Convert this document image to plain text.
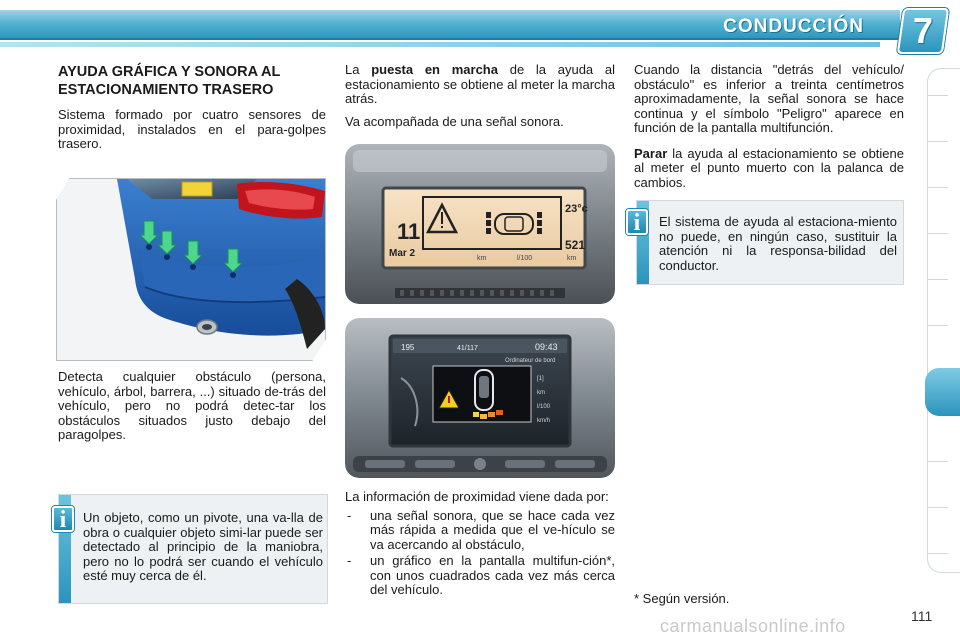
CONDUCCIÓN	7
AYUDA GRÁFICA Y SONORA AL ESTACIONAMIENTO TRASERO

Sistema formado por cuatro sensores de proximidad, instalados en el para-golpes trasero.

Detecta cualquier obstáculo (persona, vehículo, árbol, barrera, ...) situado de-trás del vehículo, pero no podrá detec-tar los obstáculos situados justo debajo del paragolpes.

Un objeto, como un pivote, una va-lla de obra o cualquier objeto simi-lar puede ser detectado al principio de la maniobra, pero no lo podrá ser cuando el vehículo esté muy cerca de él.
i

La puesta en marcha de la ayuda al estacionamiento se obtiene al meter la marcha atrás.

Va acompañada de una señal sonora.

11
Mar 2
23°c
521
km
km	l/100
195	41/117	09:43
Ordinateur de bord
[1]
km
l/100
km/h

La información de proximidad viene dada por:

- una señal sonora, que se hace cada vez más rápida a medida que el ve-hículo se va acercando al obstáculo,
- un gráfico en la pantalla multifun-ción*, con unos cuadrados cada vez más cerca del vehículo.

Cuando la distancia "detrás del vehículo/ obstáculo" es inferior a treinta centímetros aproximadamente, la señal sonora se hace continua y el símbolo "Peligro" aparece en función de la pantalla multifunción.

Parar la ayuda al estacionamiento se obtiene al meter el punto muerto con la palanca de cambios.

El sistema de ayuda al estaciona-miento no puede, en ningún caso, sustituir la atención ni la responsa-bilidad del conductor.
i
* Según versión.
carmanualsonline.info	111
